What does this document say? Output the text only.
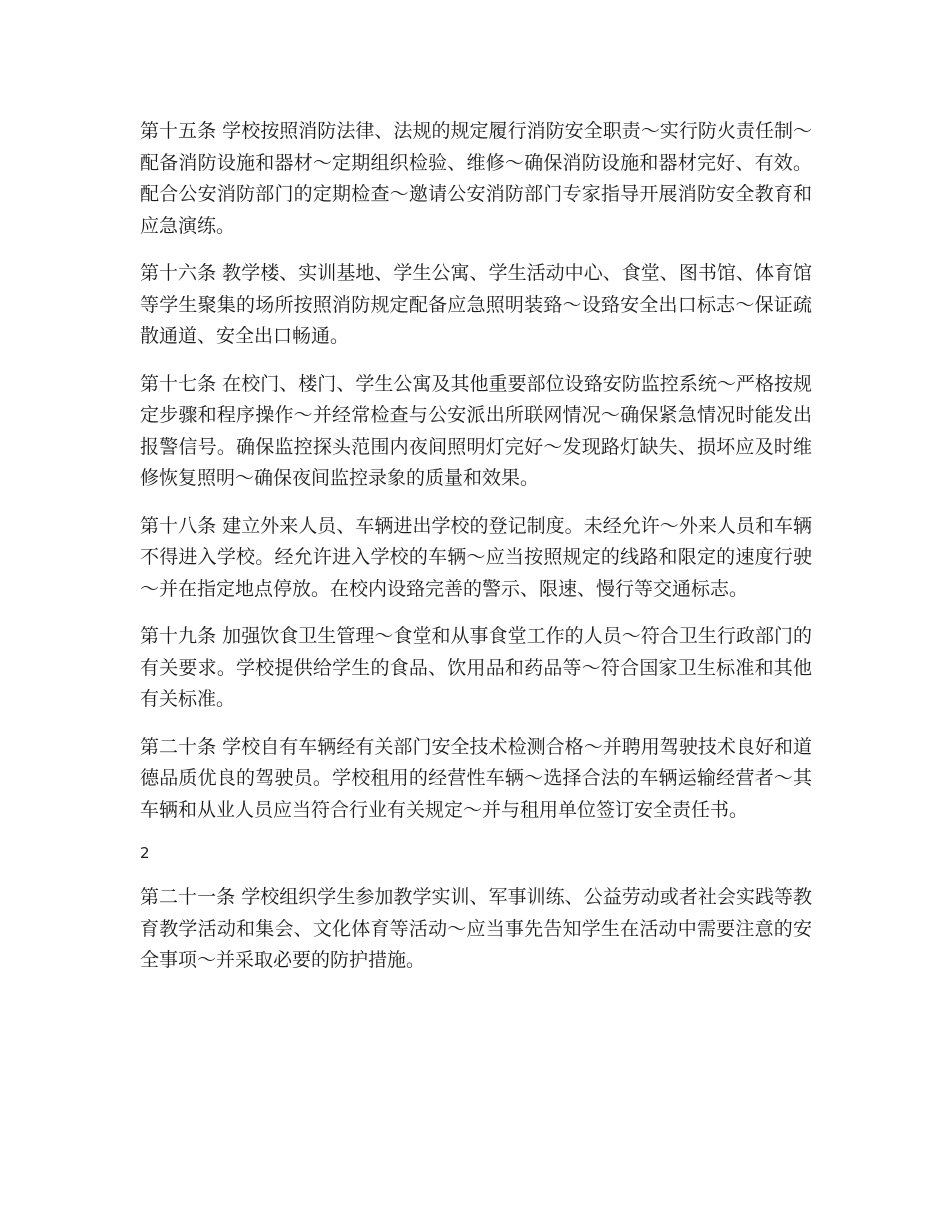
第十五条 学校按照消防法律、法规的规定履行消防安全职责～实行防火责任制～配备消防设施和器材～定期组织检验、维修～确保消防设施和器材完好、有效。配合公安消防部门的定期检查～邀请公安消防部门专家指导开展消防安全教育和应急演练。

第十六条 教学楼、实训基地、学生公寓、学生活动中心、食堂、图书馆、体育馆等学生聚集的场所按照消防规定配备应急照明装臵～设臵安全出口标志～保证疏散通道、安全出口畅通。

第十七条 在校门、楼门、学生公寓及其他重要部位设臵安防监控系统～严格按规定步骤和程序操作～并经常检查与公安派出所联网情况～确保紧急情况时能发出报警信号。确保监控探头范围内夜间照明灯完好～发现路灯缺失、损坏应及时维修恢复照明～确保夜间监控录象的质量和效果。

第十八条 建立外来人员、车辆进出学校的登记制度。未经允许～外来人员和车辆不得进入学校。经允许进入学校的车辆～应当按照规定的线路和限定的速度行驶～并在指定地点停放。在校内设臵完善的警示、限速、慢行等交通标志。

第十九条 加强饮食卫生管理～食堂和从事食堂工作的人员～符合卫生行政部门的有关要求。学校提供给学生的食品、饮用品和药品等～符合国家卫生标准和其他有关标准。

第二十条 学校自有车辆经有关部门安全技术检测合格～并聘用驾驶技术良好和道德品质优良的驾驶员。学校租用的经营性车辆～选择合法的车辆运输经营者～其车辆和从业人员应当符合行业有关规定～并与租用单位签订安全责任书。

2

第二十一条 学校组织学生参加教学实训、军事训练、公益劳动或者社会实践等教育教学活动和集会、文化体育等活动～应当事先告知学生在活动中需要注意的安全事项～并采取必要的防护措施。
